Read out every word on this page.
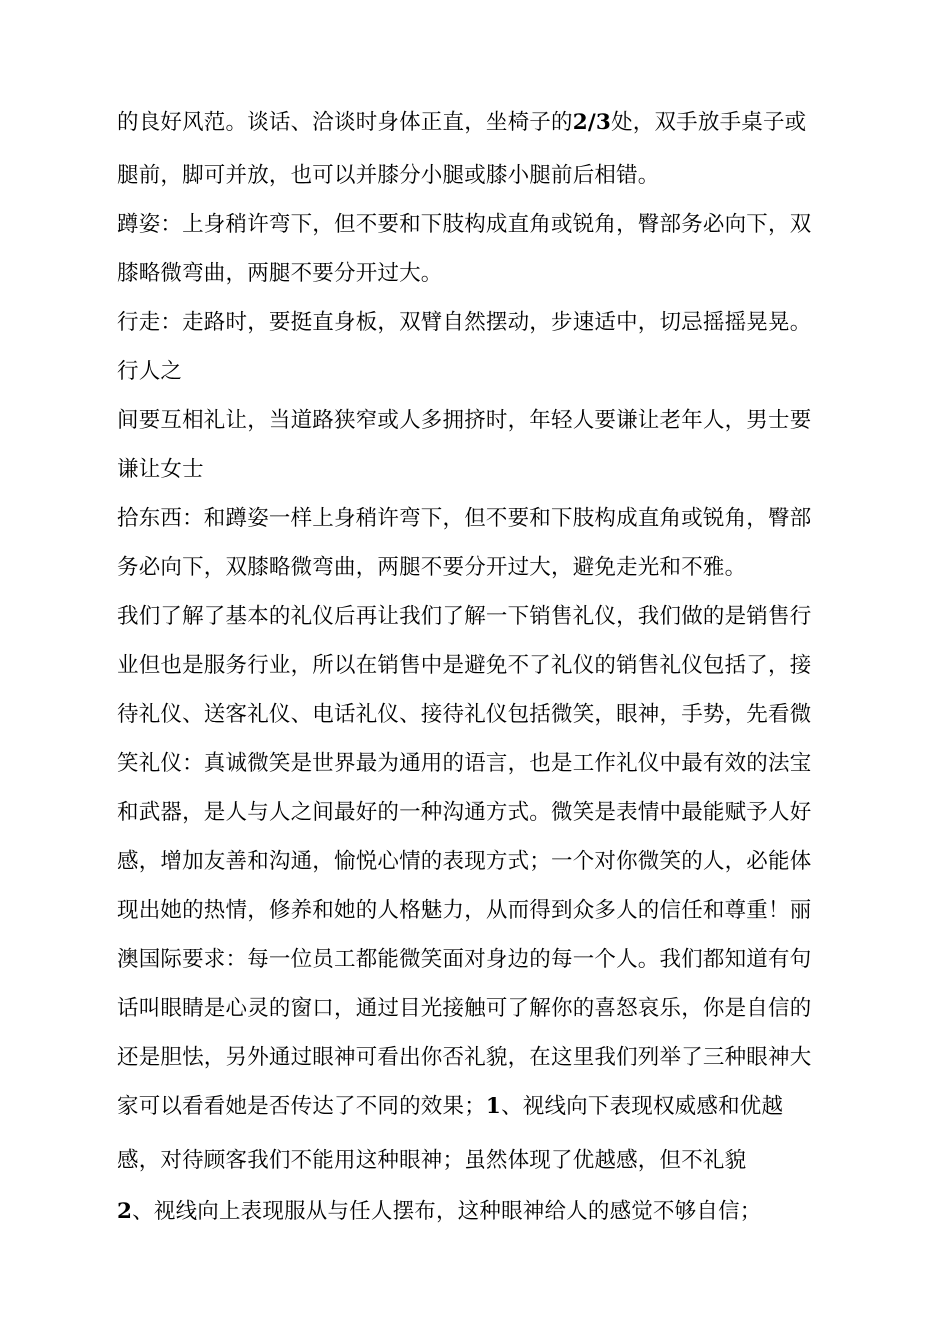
的良好风范。谈话、洽谈时身体正直，坐椅子的2/3处，双手放手桌子或
腿前，脚可并放，也可以并膝分小腿或膝小腿前后相错。
蹲姿：上身稍许弯下，但不要和下肢构成直角或锐角，臀部务必向下，双
膝略微弯曲，两腿不要分开过大。
行走：走路时，要挺直身板，双臂自然摆动，步速适中，切忌摇摇晃晃。
行人之
间要互相礼让，当道路狭窄或人多拥挤时，年轻人要谦让老年人，男士要
谦让女士
拾东西：和蹲姿一样上身稍许弯下，但不要和下肢构成直角或锐角，臀部
务必向下，双膝略微弯曲，两腿不要分开过大，避免走光和不雅。
我们了解了基本的礼仪后再让我们了解一下销售礼仪，我们做的是销售行
业但也是服务行业，所以在销售中是避免不了礼仪的销售礼仪包括了，接
待礼仪、送客礼仪、电话礼仪、接待礼仪包括微笑，眼神，手势，先看微
笑礼仪：真诚微笑是世界最为通用的语言，也是工作礼仪中最有效的法宝
和武器，是人与人之间最好的一种沟通方式。微笑是表情中最能赋予人好
感，增加友善和沟通，愉悦心情的表现方式；一个对你微笑的人，必能体
现出她的热情，修养和她的人格魅力，从而得到众多人的信任和尊重！丽
澳国际要求：每一位员工都能微笑面对身边的每一个人。我们都知道有句
话叫眼睛是心灵的窗口，通过目光接触可了解你的喜怒哀乐，你是自信的
还是胆怯，另外通过眼神可看出你否礼貌，在这里我们列举了三种眼神大
家可以看看她是否传达了不同的效果；1、视线向下表现权威感和优越
感，对待顾客我们不能用这种眼神；虽然体现了优越感，但不礼貌
2、视线向上表现服从与任人摆布，这种眼神给人的感觉不够自信；
